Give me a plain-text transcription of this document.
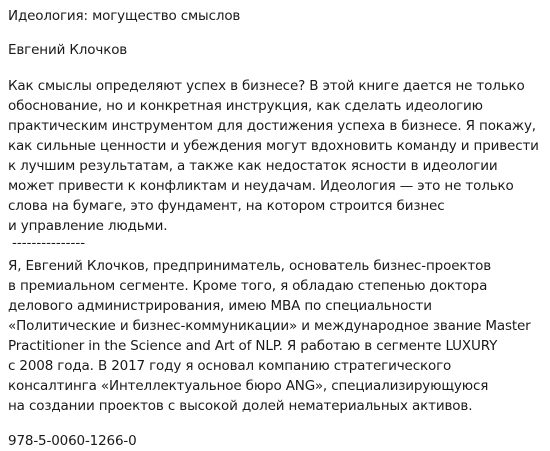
Идеология: могущество смыслов
Евгений Клочков
Как смыслы определяют успех в бизнесе? В этой книге дается не только
обоснование, но и конкретная инструкция, как сделать идеологию
практическим инструментом для достижения успеха в бизнесе. Я покажу,
как сильные ценности и убеждения могут вдохновить команду и привести
к лучшим результатам, а также как недостаток ясности в идеологии
может привести к конфликтам и неудачам. Идеология — это не только
слова на бумаге, это фундамент, на котором строится бизнес
и управление людьми.
---------------
Я, Евгений Клочков, предприниматель, основатель бизнес-проектов
в премиальном сегменте. Кроме того, я обладаю степенью доктора
делового администрирования, имею MBA по специальности
«Политические и бизнес-коммуникации» и международное звание Master
Practitioner in the Science and Art of NLP. Я работаю в сегменте LUXURY
с 2008 года. В 2017 году я основал компанию стратегического
консалтинга «Интеллектуальное бюро ANG», специализирующуюся
на создании проектов с высокой долей нематериальных активов.
978-5-0060-1266-0
